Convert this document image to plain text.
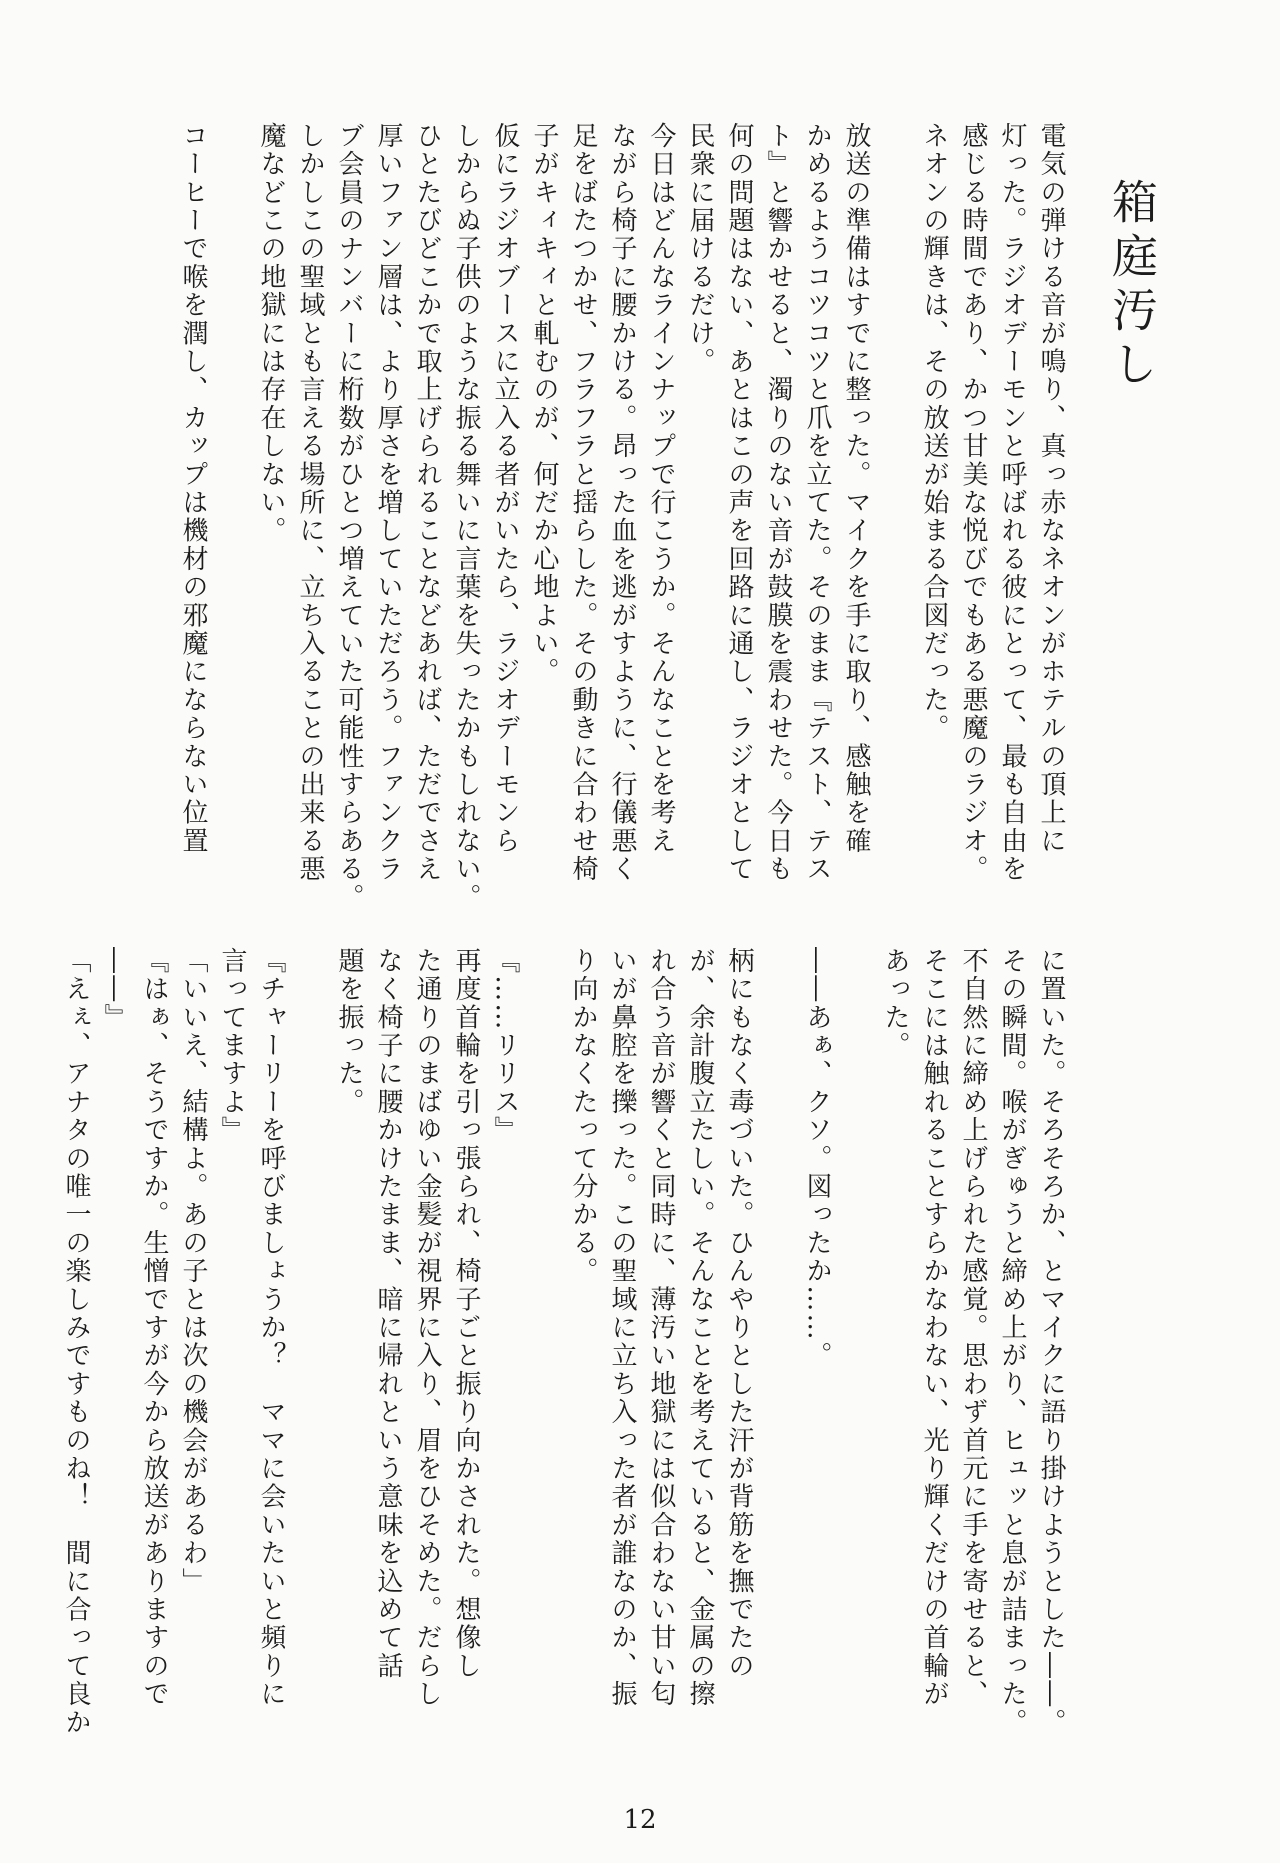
箱庭汚し
電気の弾ける音が鳴り、真っ赤なネオンがホテルの頂上に
灯った。ラジオデーモンと呼ばれる彼にとって、最も自由を
感じる時間であり、かつ甘美な悦びでもある悪魔のラジオ。
ネオンの輝きは、その放送が始まる合図だった。
放送の準備はすでに整った。マイクを手に取り、感触を確
かめるようコツコツと爪を立てた。そのまま『テスト、テス
ト』と響かせると、濁りのない音が鼓膜を震わせた。今日も
何の問題はない、あとはこの声を回路に通し、ラジオとして
民衆に届けるだけ。
今日はどんなラインナップで行こうか。そんなことを考え
ながら椅子に腰かける。昂った血を逃がすように、行儀悪く
足をばたつかせ、フラフラと揺らした。その動きに合わせ椅
子がキィキィと軋むのが、何だか心地よい。
仮にラジオブースに立入る者がいたら、ラジオデーモンら
しからぬ子供のような振る舞いに言葉を失ったかもしれない。
ひとたびどこかで取上げられることなどあれば、ただでさえ
厚いファン層は、より厚さを増していただろう。ファンクラ
ブ会員のナンバーに桁数がひとつ増えていた可能性すらある。
しかしこの聖域とも言える場所に、立ち入ることの出来る悪
魔などこの地獄には存在しない。
コーヒーで喉を潤し、カップは機材の邪魔にならない位置
に置いた。そろそろか、とマイクに語り掛けようとした――。
その瞬間。喉がぎゅうと締め上がり、ヒュッと息が詰まった。
不自然に締め上げられた感覚。思わず首元に手を寄せると、
そこには触れることすらかなわない、光り輝くだけの首輪が
あった。
――あぁ、クソ。図ったか……。
柄にもなく毒づいた。ひんやりとした汗が背筋を撫でたの
が、余計腹立たしい。そんなことを考えていると、金属の擦
れ合う音が響くと同時に、薄汚い地獄には似合わない甘い匂
いが鼻腔を擽った。この聖域に立ち入った者が誰なのか、振
り向かなくたって分かる。
『……リリス』
再度首輪を引っ張られ、椅子ごと振り向かされた。想像し
た通りのまばゆい金髪が視界に入り、眉をひそめた。だらし
なく椅子に腰かけたまま、暗に帰れという意味を込めて話
題を振った。
『チャーリーを呼びましょうか？　ママに会いたいと頻りに
言ってますよ』
「いいえ、結構よ。あの子とは次の機会があるわ」
『はぁ、そうですか。生憎ですが今から放送がありますので
――』
「えぇ、アナタの唯一の楽しみですものね！　間に合って良か
12
